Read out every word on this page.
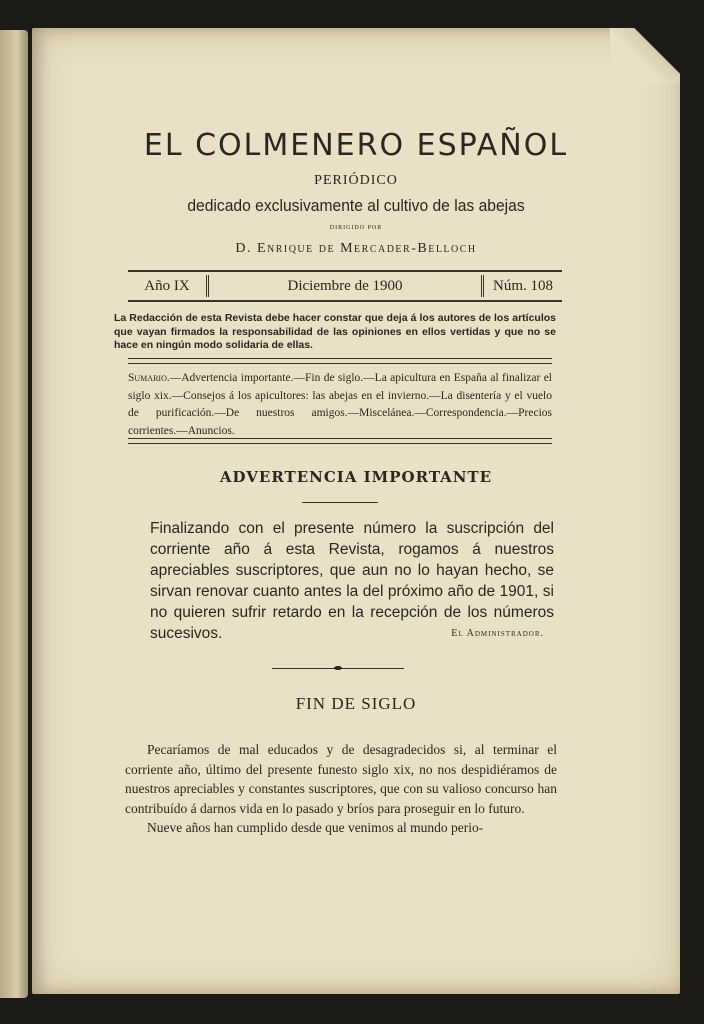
EL COLMENERO ESPAÑOL
PERIÓDICO
dedicado exclusivamente al cultivo de las abejas
DIRIGIDO POR
D. Enrique de Mercader-Belloch
Año IX	Diciembre de 1900	Núm. 108
La Redacción de esta Revista debe hacer constar que deja á los autores de los artículos que vayan firmados la responsabilidad de las opiniones en ellos vertidas y que no se hace en ningún modo solidaria de ellas.
Sumario.—Advertencia importante.—Fin de siglo.—La apicultura en España al finalizar el siglo xix.—Consejos á los apicultores: las abejas en el invierno.—La disentería y el vuelo de purificación.—De nuestros amigos.—Miscelánea.—Correspondencia.—Precios corrientes.—Anuncios.
ADVERTENCIA IMPORTANTE
Finalizando con el presente número la suscripción del corriente año á esta Revista, rogamos á nuestros apreciables suscriptores, que aun no lo hayan hecho, se sirvan renovar cuanto antes la del próximo año de 1901, si no quieren sufrir retardo en la recepción de los números sucesivos.	El Administrador.
FIN DE SIGLO

Pecaríamos de mal educados y de desagradecidos si, al terminar el corriente año, último del presente funesto siglo xix, no nos despidiéramos de nuestros apreciables y constantes suscriptores, que con su valioso concurso han contribuído á darnos vida en lo pasado y bríos para proseguir en lo futuro.

Nueve años han cumplido desde que venimos al mundo perio-
